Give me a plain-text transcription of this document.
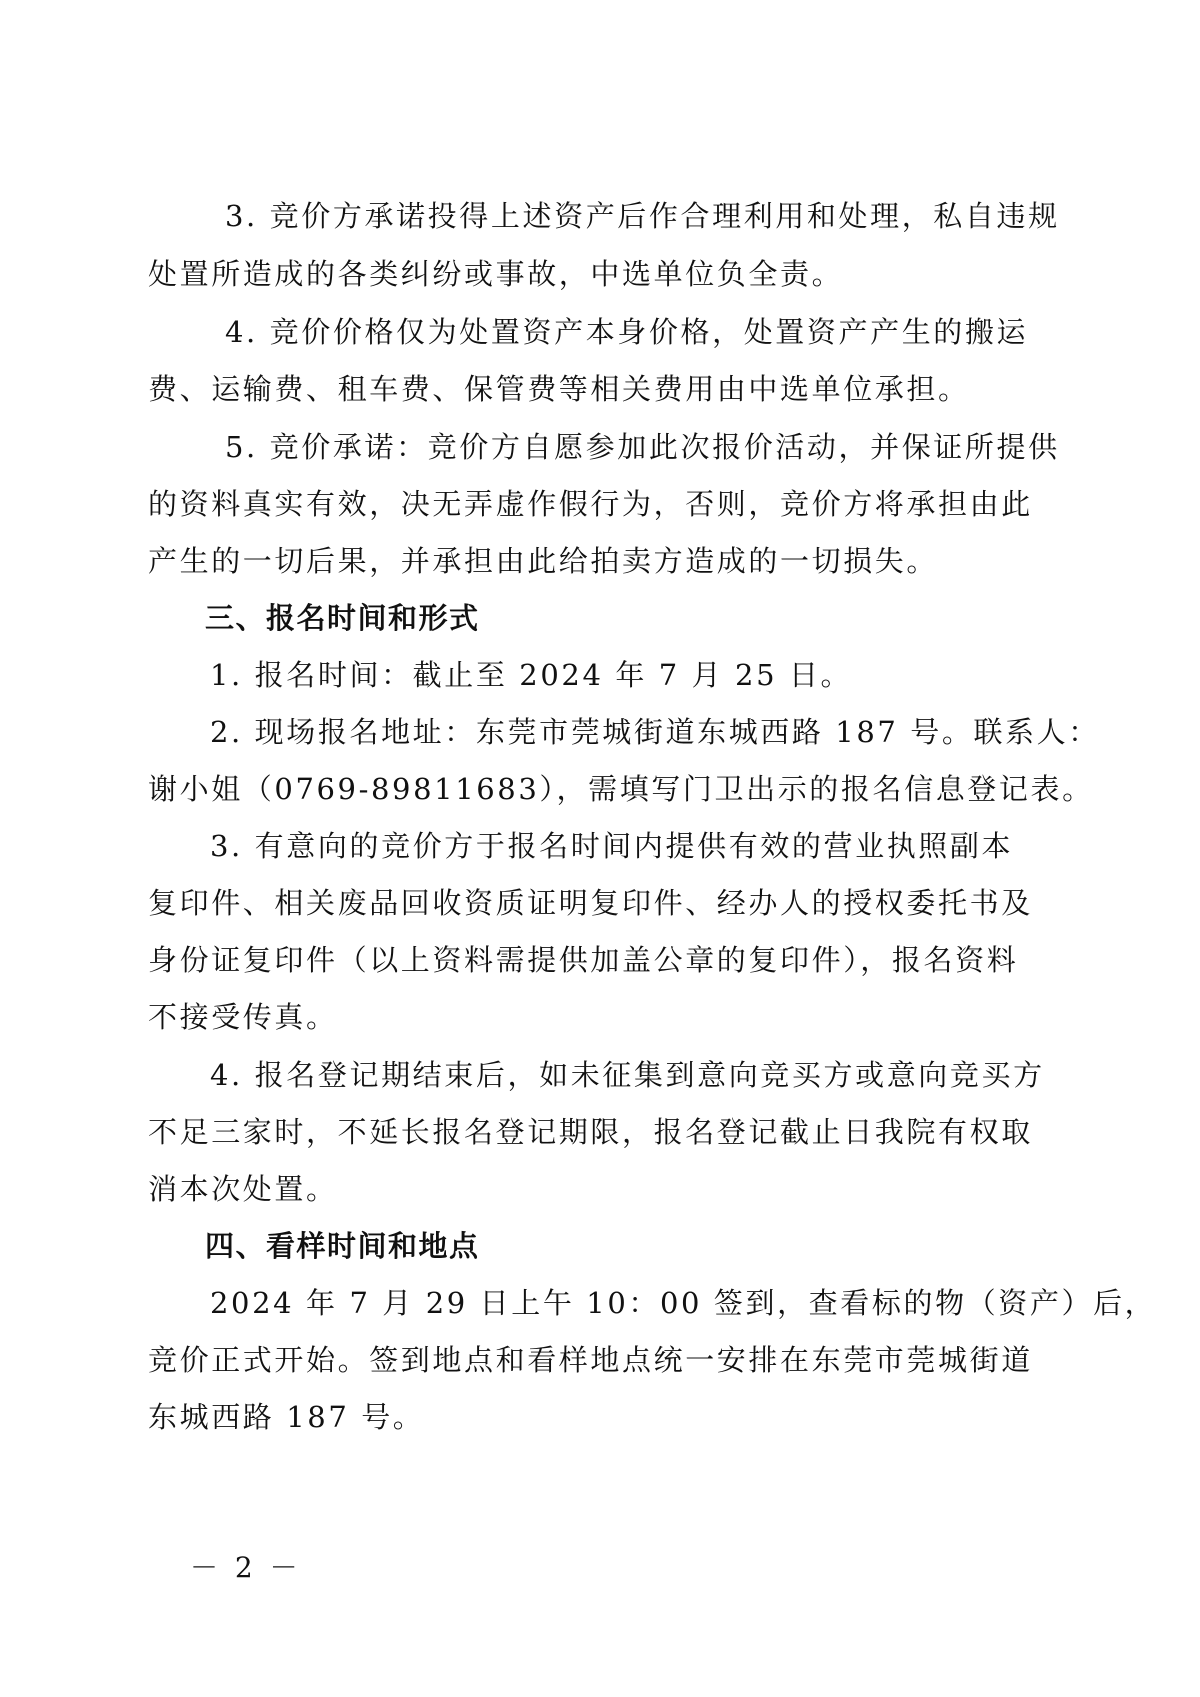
3. 竞价方承诺投得上述资产后作合理利用和处理，私自违规
处置所造成的各类纠纷或事故，中选单位负全责。
4. 竞价价格仅为处置资产本身价格，处置资产产生的搬运
费、运输费、租车费、保管费等相关费用由中选单位承担。
5. 竞价承诺：竞价方自愿参加此次报价活动，并保证所提供
的资料真实有效，决无弄虚作假行为，否则，竞价方将承担由此
产生的一切后果，并承担由此给拍卖方造成的一切损失。
三、报名时间和形式
1. 报名时间：截止至 2024 年 7 月 25 日。
2. 现场报名地址：东莞市莞城街道东城西路 187 号。联系人：
谢小姐（0769-89811683），需填写门卫出示的报名信息登记表。
3. 有意向的竞价方于报名时间内提供有效的营业执照副本
复印件、相关废品回收资质证明复印件、经办人的授权委托书及
身份证复印件（以上资料需提供加盖公章的复印件），报名资料
不接受传真。
4. 报名登记期结束后，如未征集到意向竞买方或意向竞买方
不足三家时，不延长报名登记期限，报名登记截止日我院有权取
消本次处置。
四、看样时间和地点
2024 年 7 月 29 日上午 10：00 签到，查看标的物（资产）后，
竞价正式开始。签到地点和看样地点统一安排在东莞市莞城街道
东城西路 187 号。
－ 2 －
